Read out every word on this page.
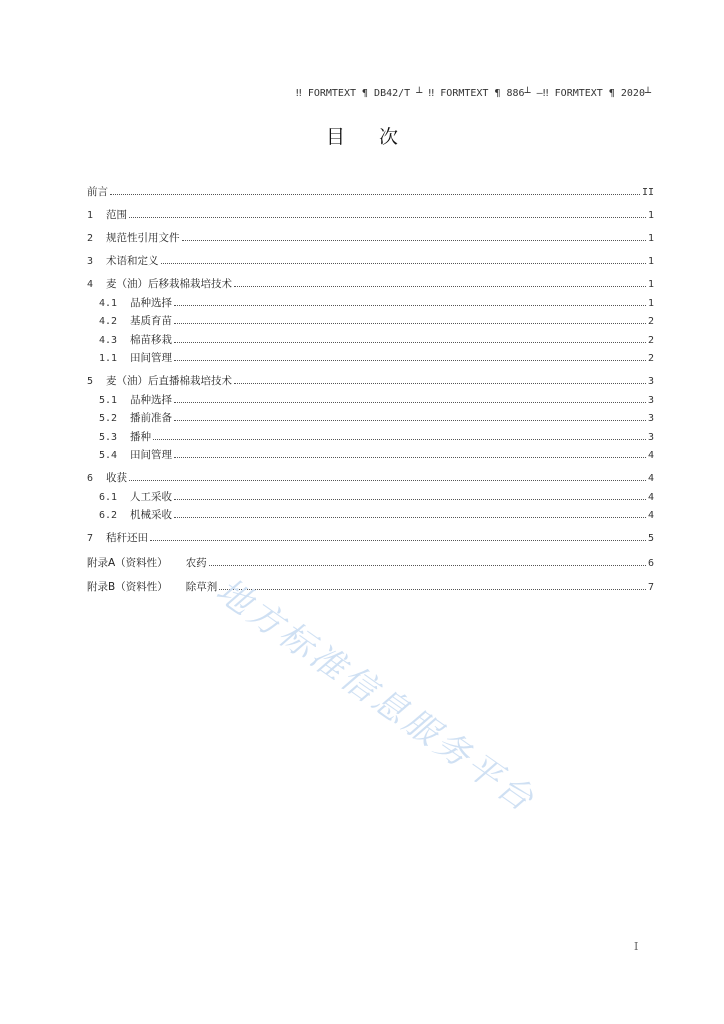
‼ FORMTEXT ¶ DB42/T ┴ ‼ FORMTEXT ¶ 886┴ —‼ FORMTEXT ¶ 2020┴
目次
前言	II
1	范围	1
2	规范性引用文件	1
3	术语和定义	1
4	麦（油）后移栽棉栽培技术	1
4.1	品种选择	1
4.2	基质育苗	2
4.3	棉苗移栽	2
1.1	田间管理	2
5	麦（油）后直播棉栽培技术	3
5.1	品种选择	3
5.2	播前准备	3
5.3	播种	3
5.4	田间管理	4
6	收获	4
6.1	人工采收	4
6.2	机械采收	4
7	秸秆还田	5
附录A（资料性） 农药	6
附录B（资料性） 除草剂	7
地方标准信息服务平台
I
